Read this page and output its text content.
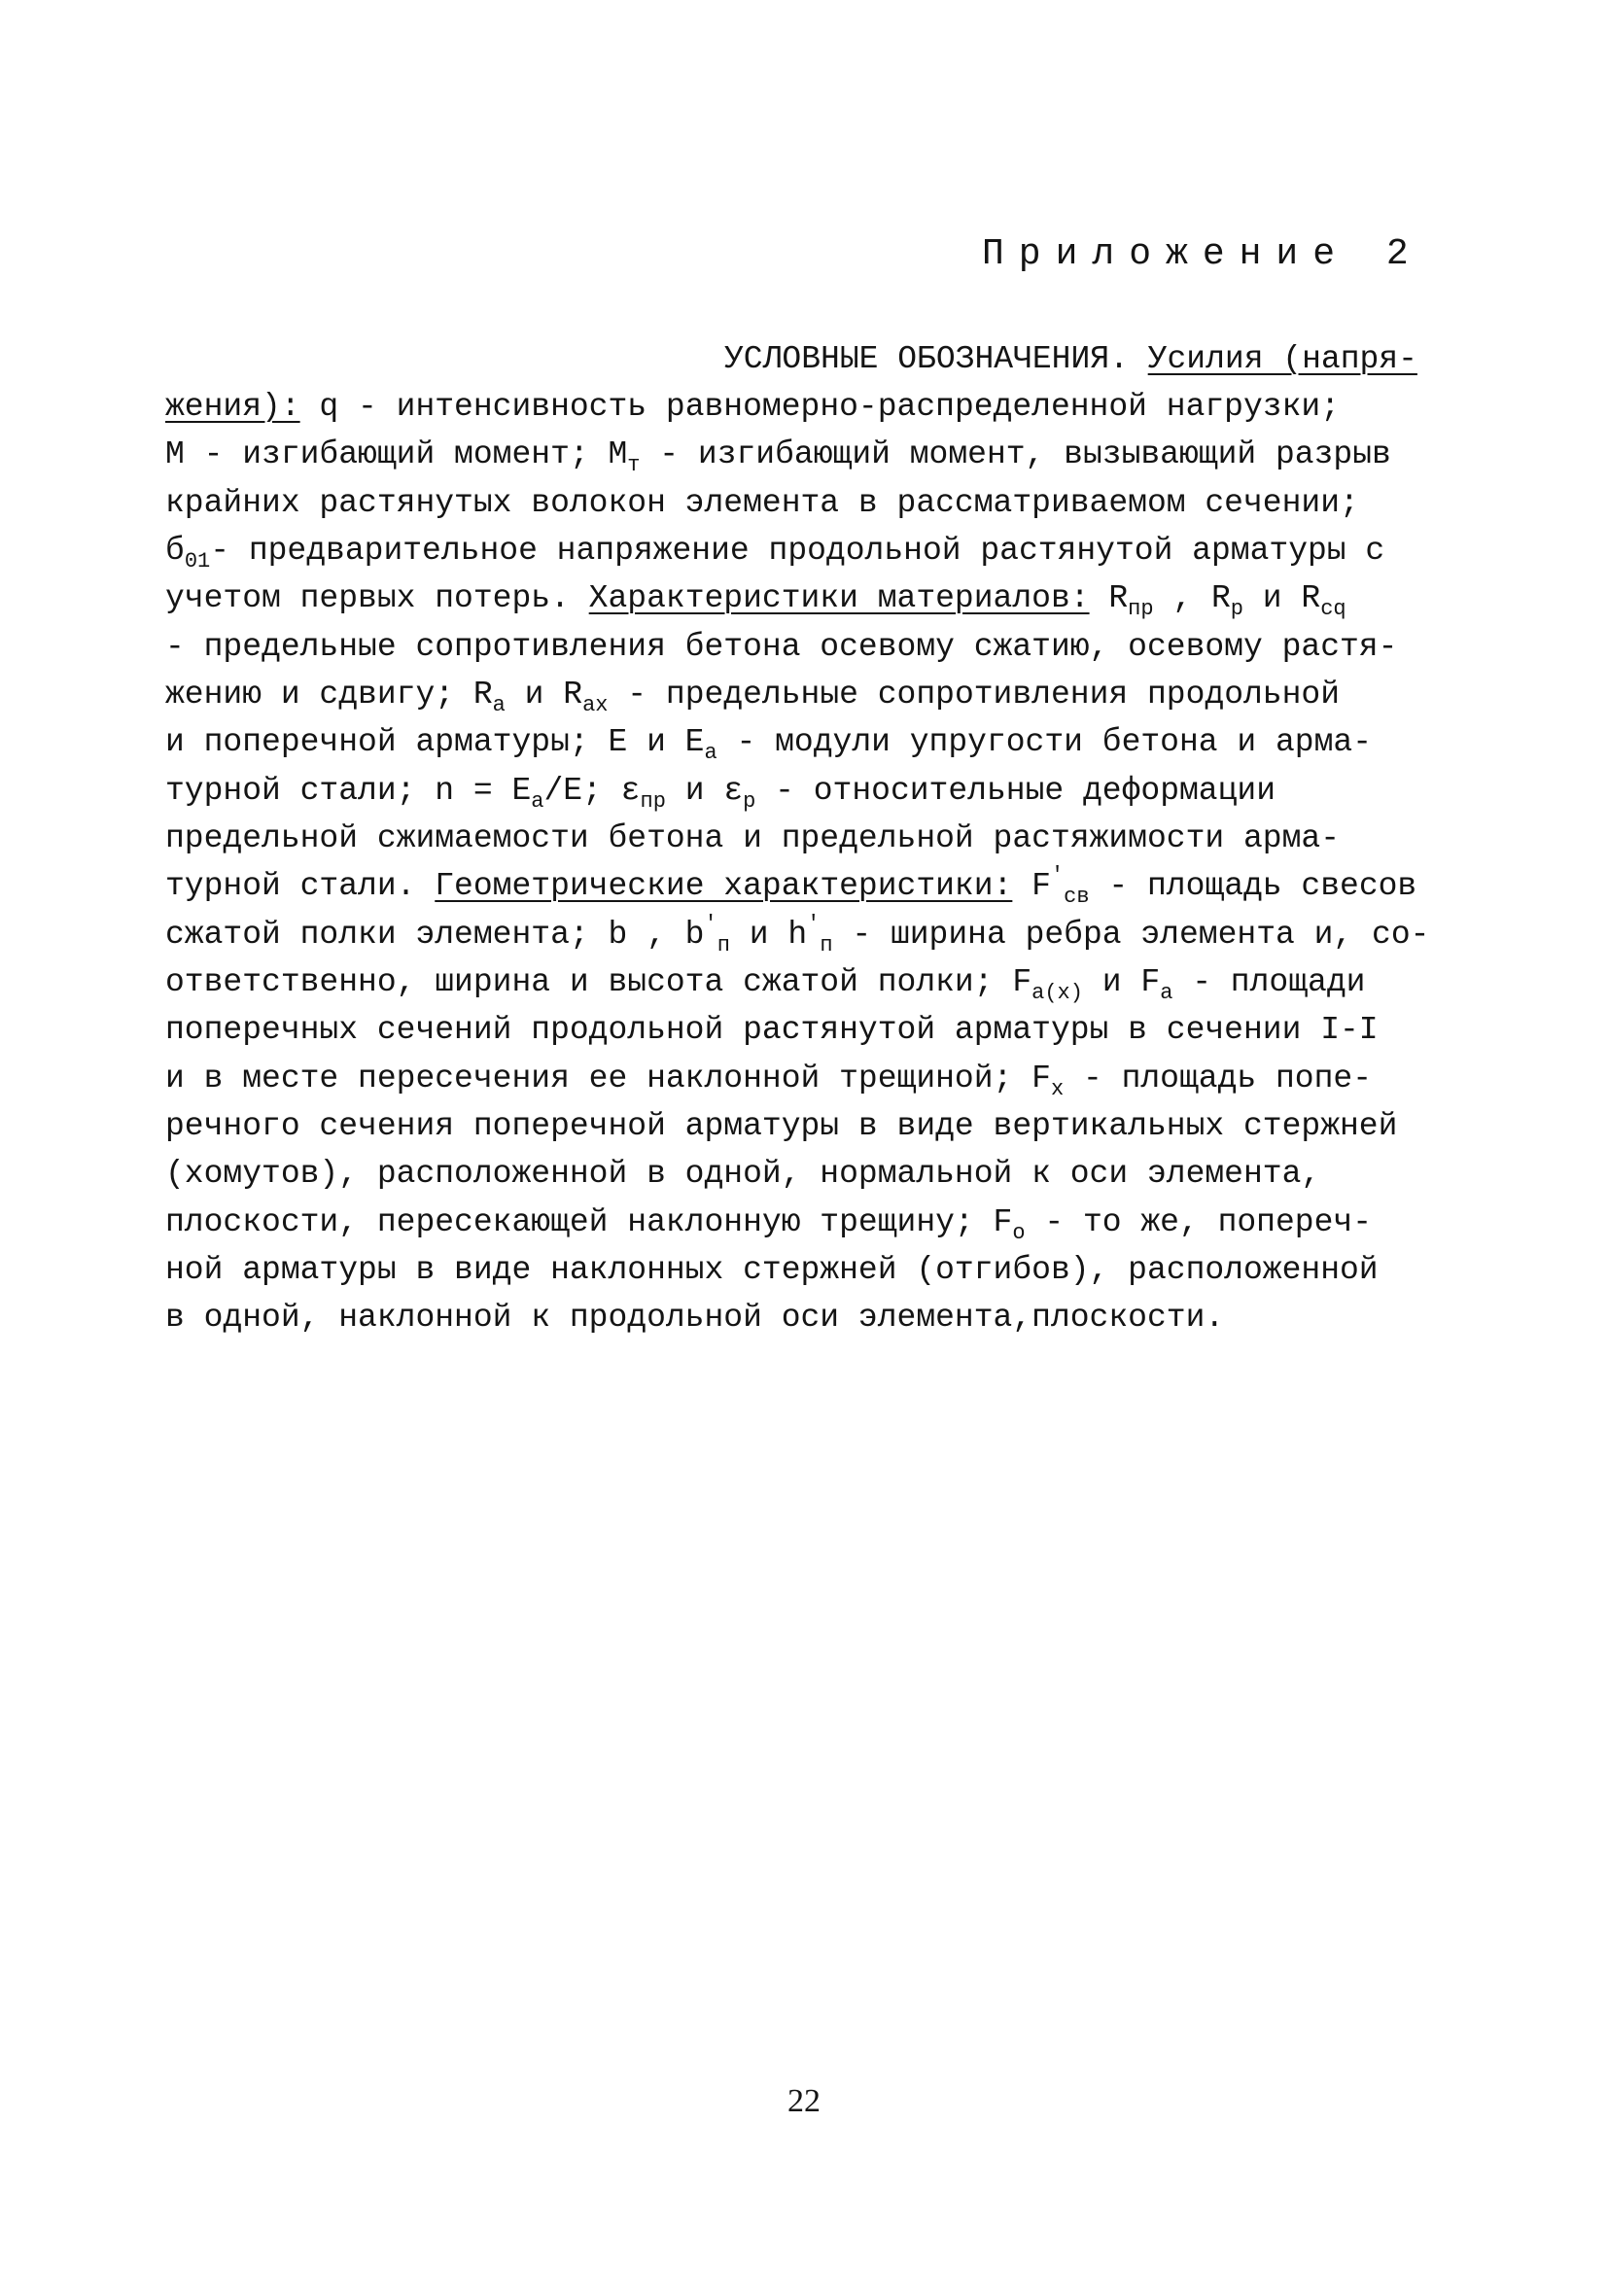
Приложение 2
УСЛОВНЫЕ ОБОЗНАЧЕНИЯ. Усилия (напря-
жения): q - интенсивность равномерно-распределенной нагрузки;
М - изгибающий момент; $М_т$ - изгибающий момент, вызывающий разрыв
крайних растянутых волокон элемента в рассматриваемом сечении;
$б_{01}-$ предварительное напряжение продольной растянутой арматуры с
учетом первых потерь. Характеристики материалов: $R_{пр}$ , $R_р$ и $R_{сq}$
- предельные сопротивления бетона осевому сжатию, осевому растя-
жению и сдвигу; $R_а$ и $R_{ах}$ - предельные сопротивления продольной
и поперечной арматуры; Е и $Е_а$ - модули упругости бетона и арма-
турной стали; $n = Е_а/Е$; $\varepsilon_{пр}$ и $\varepsilon_р$ - относительные деформации
предельной сжимаемости бетона и предельной растяжимости арма-
турной стали. Геометрические характеристики: $F'_{св}$ - площадь свесов
сжатой полки элемента; b , $b'_п$ и $h'_п$ - ширина ребра элемента и, со-
ответственно, ширина и высота сжатой полки; $F_{а(x)}$ и $F_а$ - площади
поперечных сечений продольной растянутой арматуры в сечении I-I
и в месте пересечения ее наклонной трещиной; $F_x$ - площадь попе-
речного сечения поперечной арматуры в виде вертикальных стержней
(хомутов), расположенной в одной, нормальной к оси элемента,
плоскости, пересекающей наклонную трещину; $F_о$ - то же, попереч-
ной арматуры в виде наклонных стержней (отгибов), расположенной
в одной, наклонной к продольной оси элемента,плоскости.
22
